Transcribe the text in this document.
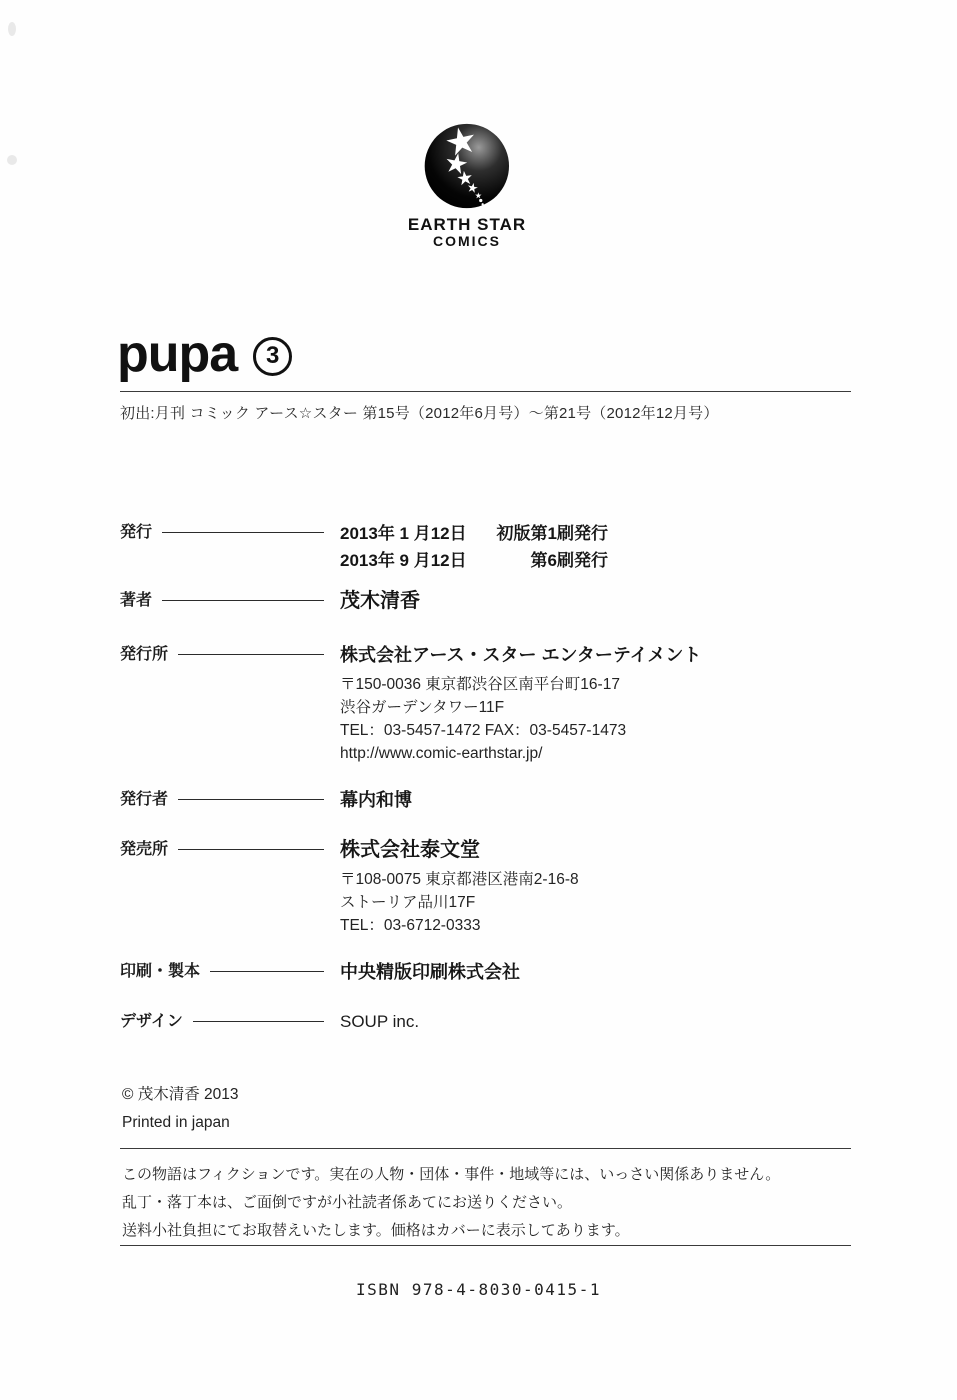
EARTH STAR
COMICS
pupa	3
初出:月刊 コミック アース☆スター 第15号（2012年6月号）～第21号（2012年12月号）
発行	2013年 1 月12日 初版第1刷発行
2013年 9 月12日	第6刷発行
著者	茂木清香
発行所	株式会社アース・スター エンターテイメント
〒150-0036 東京都渋谷区南平台町16-17
渋谷ガーデンタワー11F
TEL：03-5457-1472 FAX：03-5457-1473
http://www.comic-earthstar.jp/
発行者	幕内和博
発売所	株式会社泰文堂
〒108-0075 東京都港区港南2-16-8
ストーリア品川17F
TEL：03-6712-0333
印刷・製本	中央精版印刷株式会社
デザイン	SOUP inc.
© 茂木清香 2013
Printed in japan

この物語はフィクションです。実在の人物・団体・事件・地域等には、いっさい関係ありません。

乱丁・落丁本は、ご面倒ですが小社読者係あてにお送りください。

送料小社負担にてお取替えいたします。価格はカバーに表示してあります。

ISBN 978-4-8030-0415-1
